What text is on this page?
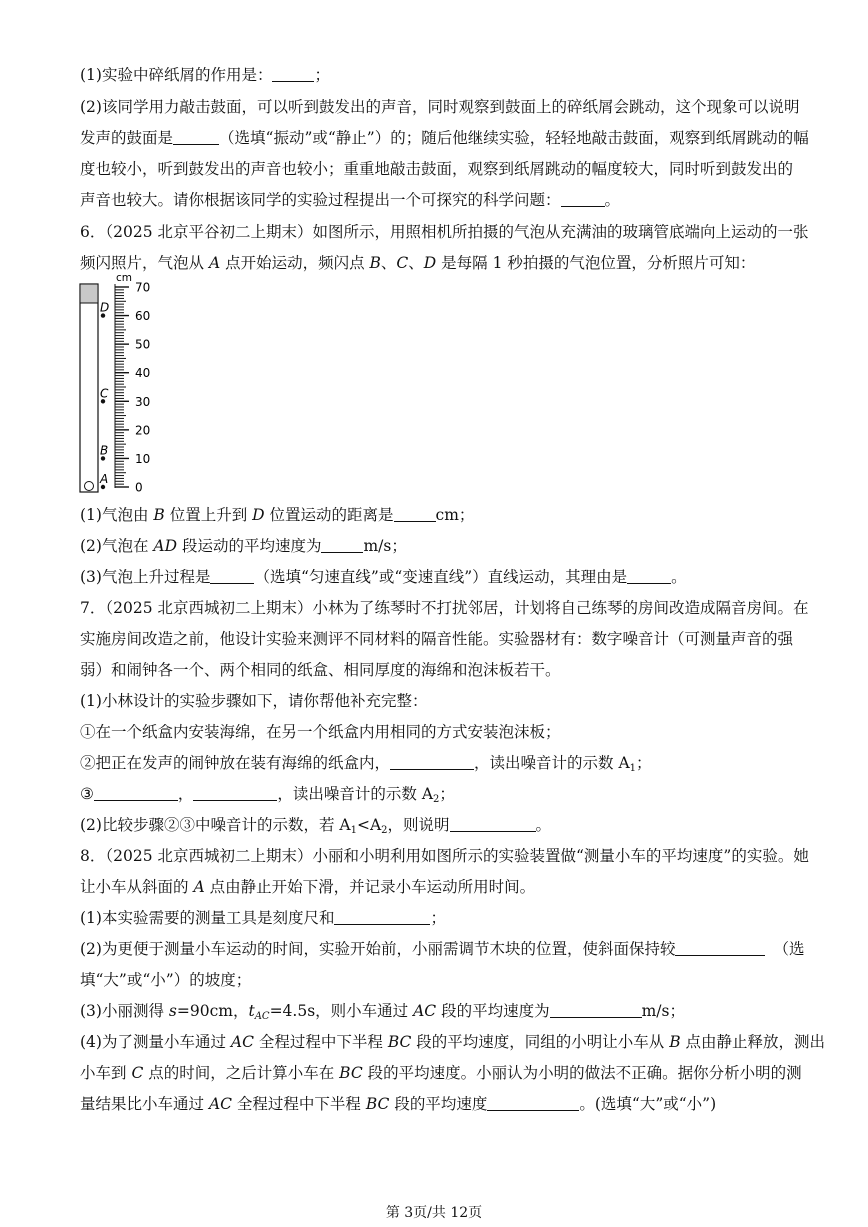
(1)实验中碎纸屑的作用是：	；
(2)该同学用力敲击鼓面，可以听到鼓发出的声音，同时观察到鼓面上的碎纸屑会跳动，这个现象可以说明
发声的鼓面是	（选填“振动”或“静止”）的；随后他继续实验，轻轻地敲击鼓面，观察到纸屑跳动的幅
度也较小，听到鼓发出的声音也较小；重重地敲击鼓面，观察到纸屑跳动的幅度较大，同时听到鼓发出的
声音也较大。请你根据该同学的实验过程提出一个可探究的科学问题：	。
6．（2025 北京平谷初二上期末）如图所示，用照相机所拍摄的气泡从充满油的玻璃管底端向上运动的一张
频闪照片，气泡从 A 点开始运动，频闪点 B、C、D 是每隔 1 秒拍摄的气泡位置，分析照片可知：
70
60
50
40
30
20
10
0
D
C
B
A
cm
(1)气泡由 B 位置上升到 D 位置运动的距离是	cm；
(2)气泡在 AD 段运动的平均速度为	m/s；
(3)气泡上升过程是	（选填“匀速直线”或“变速直线”）直线运动，其理由是	。
7．（2025 北京西城初二上期末）小林为了练琴时不打扰邻居，计划将自己练琴的房间改造成隔音房间。在
实施房间改造之前，他设计实验来测评不同材料的隔音性能。实验器材有：数字噪音计（可测量声音的强
弱）和闹钟各一个、两个相同的纸盒、相同厚度的海绵和泡沫板若干。
(1)小林设计的实验步骤如下，请你帮他补充完整：
①在一个纸盒内安装海绵，在另一个纸盒内用相同的方式安装泡沫板；
②把正在发声的闹钟放在装有海绵的纸盒内，	，读出噪音计的示数 $A_1$；
③	，	，读出噪音计的示数 $A_2$；
(2)比较步骤②③中噪音计的示数，若 $A_1<A_2$，则说明	。
8．（2025 北京西城初二上期末）小丽和小明利用如图所示的实验装置做“测量小车的平均速度”的实验。她
让小车从斜面的 A 点由静止开始下滑，并记录小车运动所用时间。
(1)本实验需要的测量工具是刻度尺和	；
(2)为更便于测量小车运动的时间，实验开始前，小丽需调节木块的位置，使斜面保持较	（选
填“大”或“小”）的坡度；
(3)小丽测得 s=90cm，$t_{AC}=4.5s$，则小车通过 AC 段的平均速度为	m/s；
(4)为了测量小车通过 AC 全程过程中下半程 BC 段的平均速度，同组的小明让小车从 B 点由静止释放，测出
小车到 C 点的时间，之后计算小车在 BC 段的平均速度。小丽认为小明的做法不正确。据你分析小明的测
量结果比小车通过 AC 全程过程中下半程 BC 段的平均速度	。(选填“大”或“小”)
第 3页/共 12页
